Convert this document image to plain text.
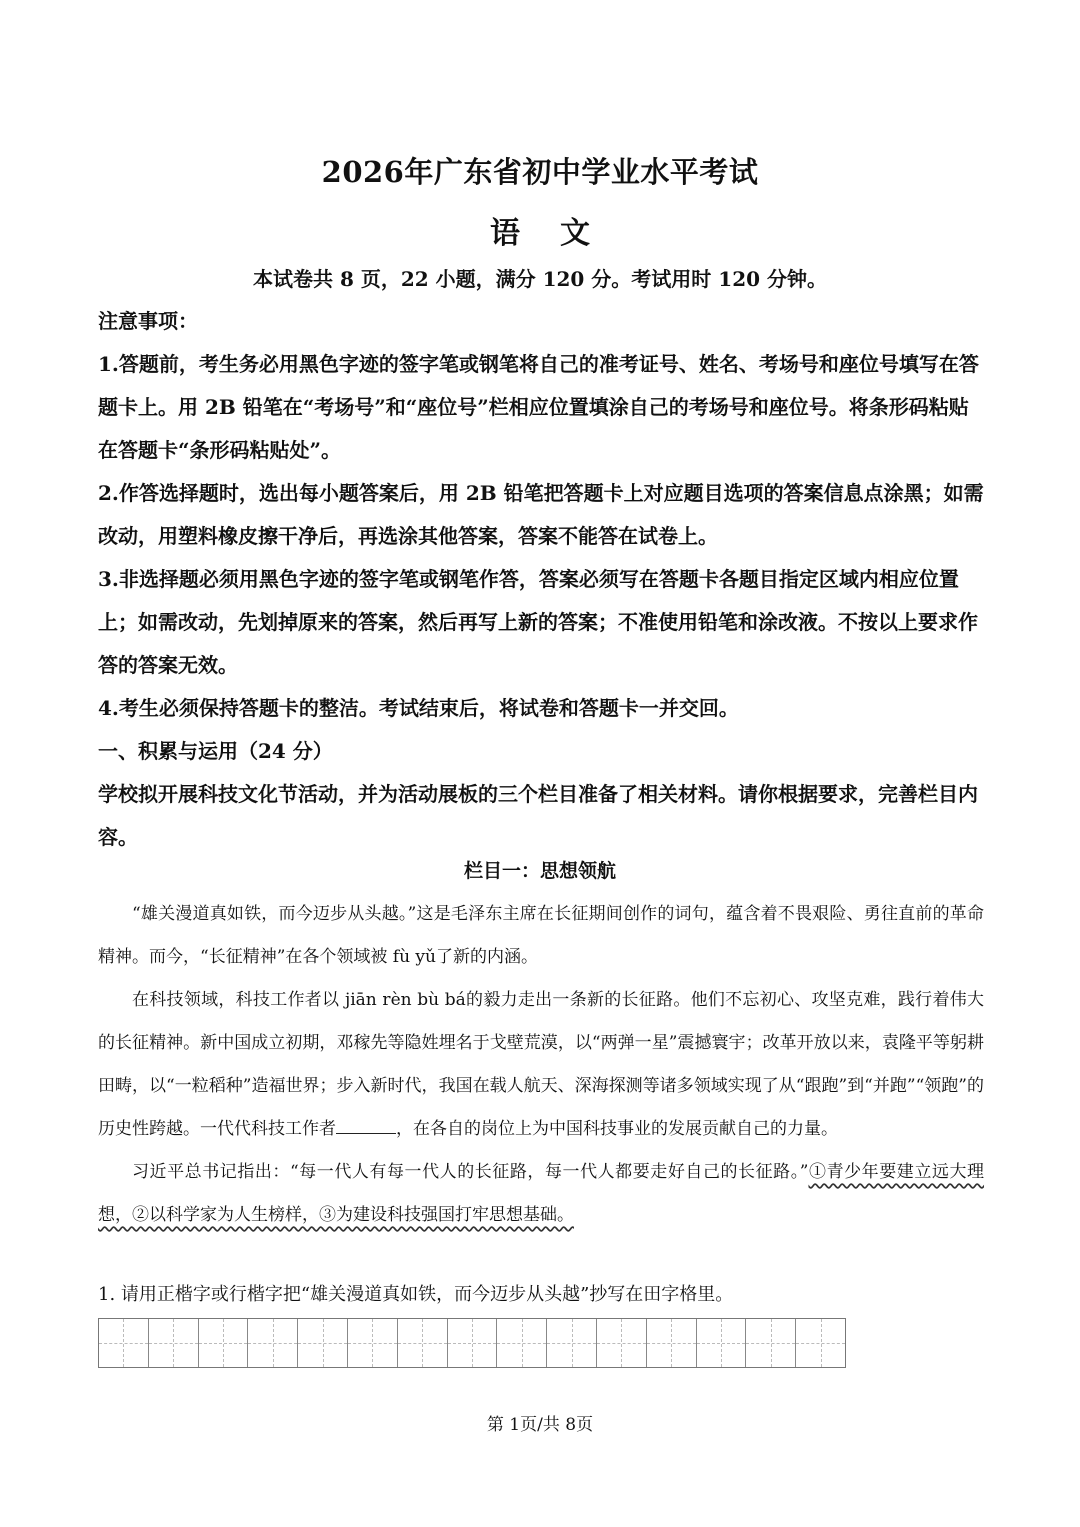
2026年广东省初中学业水平考试
语文
本试卷共 8 页，22 小题，满分 120 分。考试用时 120 分钟。

注意事项：

1.答题前，考生务必用黑色字迹的签字笔或钢笔将自己的准考证号、姓名、考场号和座位号填写在答题卡上。用 2B 铅笔在“考场号”和“座位号”栏相应位置填涂自己的考场号和座位号。将条形码粘贴在答题卡“条形码粘贴处”。

2.作答选择题时，选出每小题答案后，用 2B 铅笔把答题卡上对应题目选项的答案信息点涂黑；如需改动，用塑料橡皮擦干净后，再选涂其他答案，答案不能答在试卷上。

3.非选择题必须用黑色字迹的签字笔或钢笔作答，答案必须写在答题卡各题目指定区域内相应位置上；如需改动，先划掉原来的答案，然后再写上新的答案；不准使用铅笔和涂改液。不按以上要求作答的答案无效。

4.考生必须保持答题卡的整洁。考试结束后，将试卷和答题卡一并交回。

一、积累与运用（24 分）

学校拟开展科技文化节活动，并为活动展板的三个栏目准备了相关材料。请你根据要求，完善栏目内容。

栏目一：思想领航

“雄关漫道真如铁，而今迈步从头越。”这是毛泽东主席在长征期间创作的词句，蕴含着不畏艰险、勇往直前的革命精神。而今，“长征精神”在各个领域被 fù yǔ了新的内涵。

在科技领域，科技工作者以 jiān rèn bù bá的毅力走出一条新的长征路。他们不忘初心、攻坚克难，践行着伟大的长征精神。新中国成立初期，邓稼先等隐姓埋名于戈壁荒漠，以“两弹一星”震撼寰宇；改革开放以来，袁隆平等躬耕田畴，以“一粒稻种”造福世界；步入新时代，我国在载人航天、深海探测等诸多领域实现了从“跟跑”到“并跑”“领跑”的历史性跨越。一代代科技工作者	，在各自的岗位上为中国科技事业的发展贡献自己的力量。

习近平总书记指出：“每一代人有每一代人的长征路，每一代人都要走好自己的长征路。”①青少年要建立远大理想，②以科学家为人生榜样，③为建设科技强国打牢思想基础。

1. 请用正楷字或行楷字把“雄关漫道真如铁，而今迈步从头越”抄写在田字格里。
第 1页/共 8页
